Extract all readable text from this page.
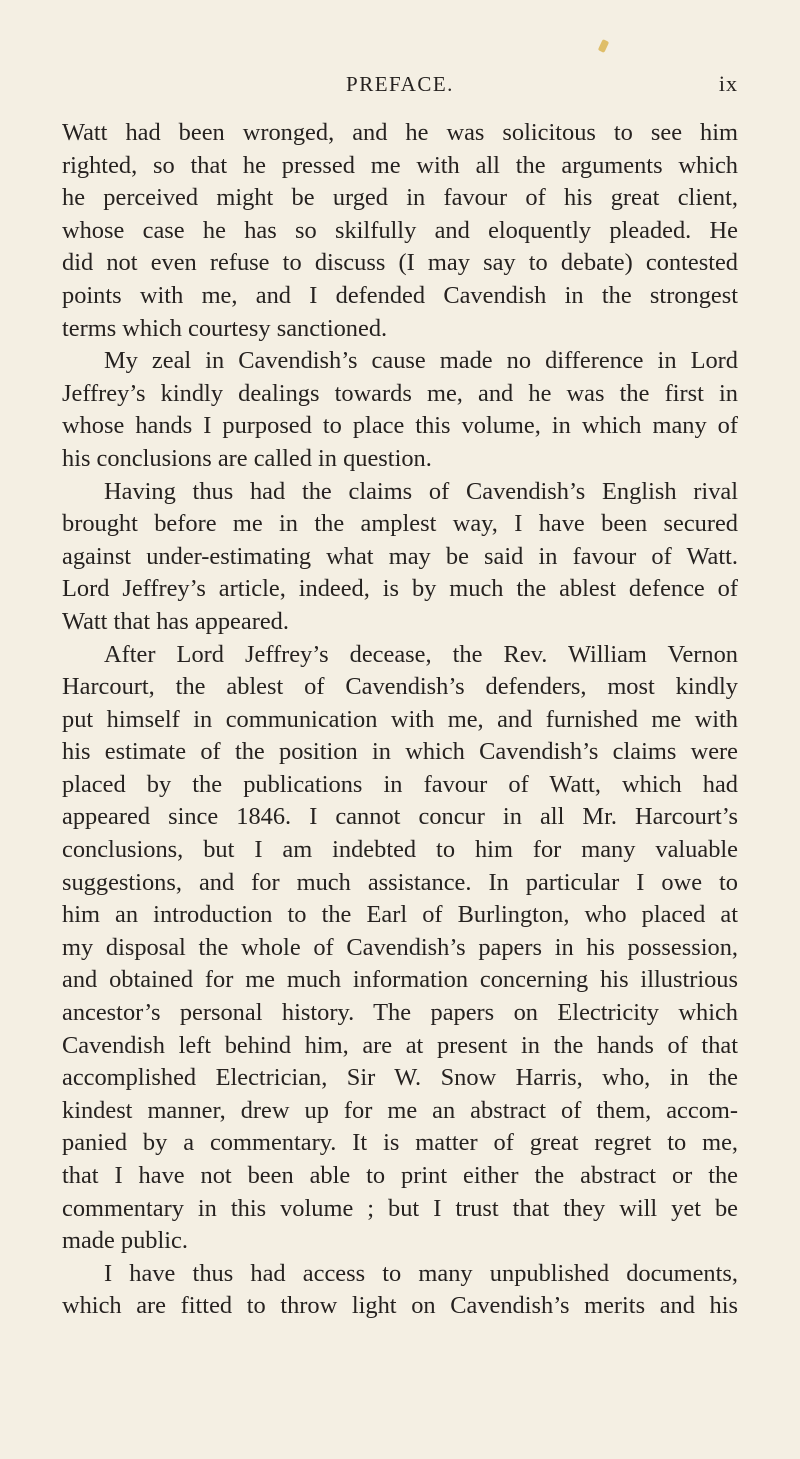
PREFACE.	ix
Watt had been wronged, and he was solicitous to see him
righted, so that he pressed me with all the arguments which
he perceived might be urged in favour of his great client,
whose case he has so skilfully and eloquently pleaded. He
did not even refuse to discuss (I may say to debate) contested
points with me, and I defended Cavendish in the strongest
terms which courtesy sanctioned.
My zeal in Cavendish’s cause made no difference in Lord
Jeffrey’s kindly dealings towards me, and he was the first in
whose hands I purposed to place this volume, in which many of
his conclusions are called in question.
Having thus had the claims of Cavendish’s English rival
brought before me in the amplest way, I have been secured
against under-estimating what may be said in favour of Watt.
Lord Jeffrey’s article, indeed, is by much the ablest defence of
Watt that has appeared.
After Lord Jeffrey’s decease, the Rev. William Vernon
Harcourt, the ablest of Cavendish’s defenders, most kindly
put himself in communication with me, and furnished me with
his estimate of the position in which Cavendish’s claims were
placed by the publications in favour of Watt, which had
appeared since 1846. I cannot concur in all Mr. Harcourt’s
conclusions, but I am indebted to him for many valuable
suggestions, and for much assistance. In particular I owe to
him an introduction to the Earl of Burlington, who placed at
my disposal the whole of Cavendish’s papers in his possession,
and obtained for me much information concerning his illustrious
ancestor’s personal history. The papers on Electricity which
Cavendish left behind him, are at present in the hands of that
accomplished Electrician, Sir W. Snow Harris, who, in the
kindest manner, drew up for me an abstract of them, accom-
panied by a commentary. It is matter of great regret to me,
that I have not been able to print either the abstract or the
commentary in this volume ; but I trust that they will yet be
made public.
I have thus had access to many unpublished documents,
which are fitted to throw light on Cavendish’s merits and his
